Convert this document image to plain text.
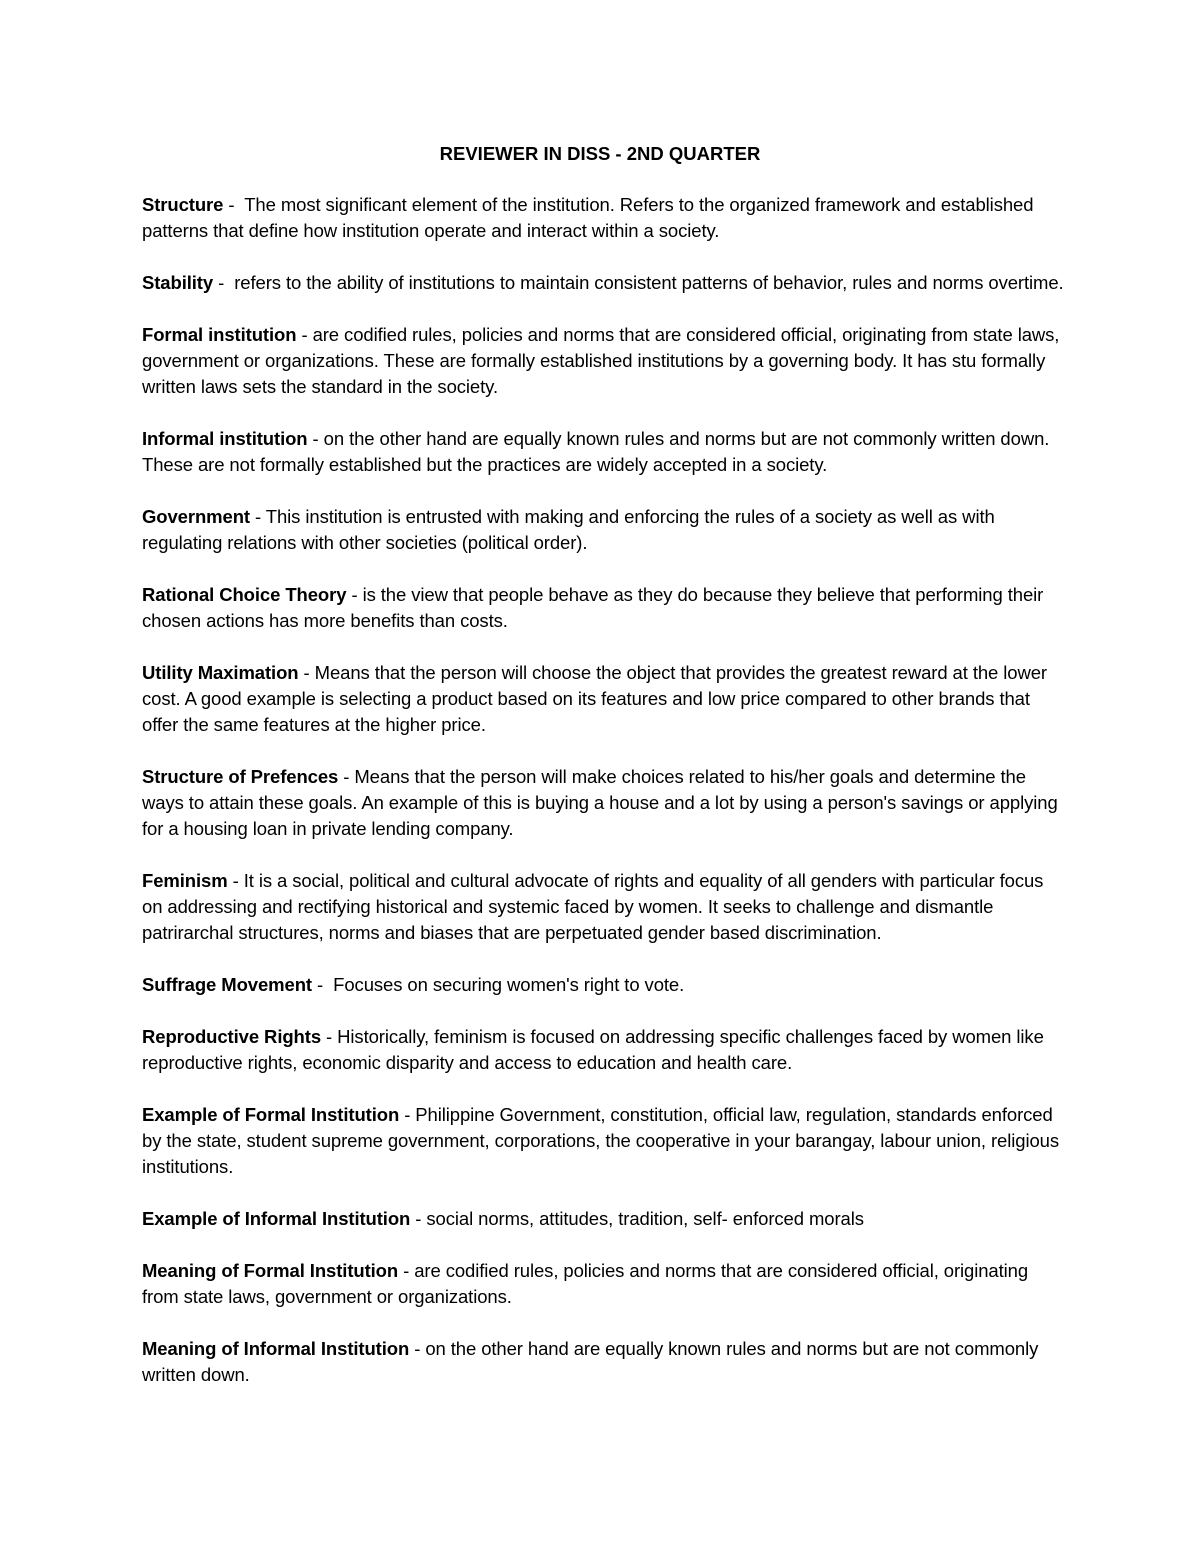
REVIEWER IN DISS - 2ND QUARTER

Structure -  The most significant element of the institution. Refers to the organized framework and established patterns that define how institution operate and interact within a society.

Stability -  refers to the ability of institutions to maintain consistent patterns of behavior, rules and norms overtime.

Formal institution - are codified rules, policies and norms that are considered official, originating from state laws, government or organizations. These are formally established institutions by a governing body. It has stu formally written laws sets the standard in the society.

Informal institution - on the other hand are equally known rules and norms but are not commonly written down. These are not formally established but the practices are widely accepted in a society.

Government - This institution is entrusted with making and enforcing the rules of a society as well as with regulating relations with other societies (political order).

Rational Choice Theory - is the view that people behave as they do because they believe that performing their chosen actions has more benefits than costs.

Utility Maximation - Means that the person will choose the object that provides the greatest reward at the lower cost. A good example is selecting a product based on its features and low price compared to other brands that offer the same features at the higher price.

Structure of Prefences - Means that the person will make choices related to his/her goals and determine the ways to attain these goals. An example of this is buying a house and a lot by using a person's savings or applying for a housing loan in private lending company.

Feminism - It is a social, political and cultural advocate of rights and equality of all genders with particular focus on addressing and rectifying historical and systemic faced by women. It seeks to challenge and dismantle patrirarchal structures, norms and biases that are perpetuated gender based discrimination.

Suffrage Movement -  Focuses on securing women's right to vote.

Reproductive Rights - Historically, feminism is focused on addressing specific challenges faced by women like reproductive rights, economic disparity and access to education and health care.

Example of Formal Institution - Philippine Government, constitution, official law, regulation, standards enforced by the state, student supreme government, corporations, the cooperative in your barangay, labour union, religious institutions.

Example of Informal Institution - social norms, attitudes, tradition, self- enforced morals

Meaning of Formal Institution - are codified rules, policies and norms that are considered official, originating from state laws, government or organizations.

Meaning of Informal Institution - on the other hand are equally known rules and norms but are not commonly written down.
